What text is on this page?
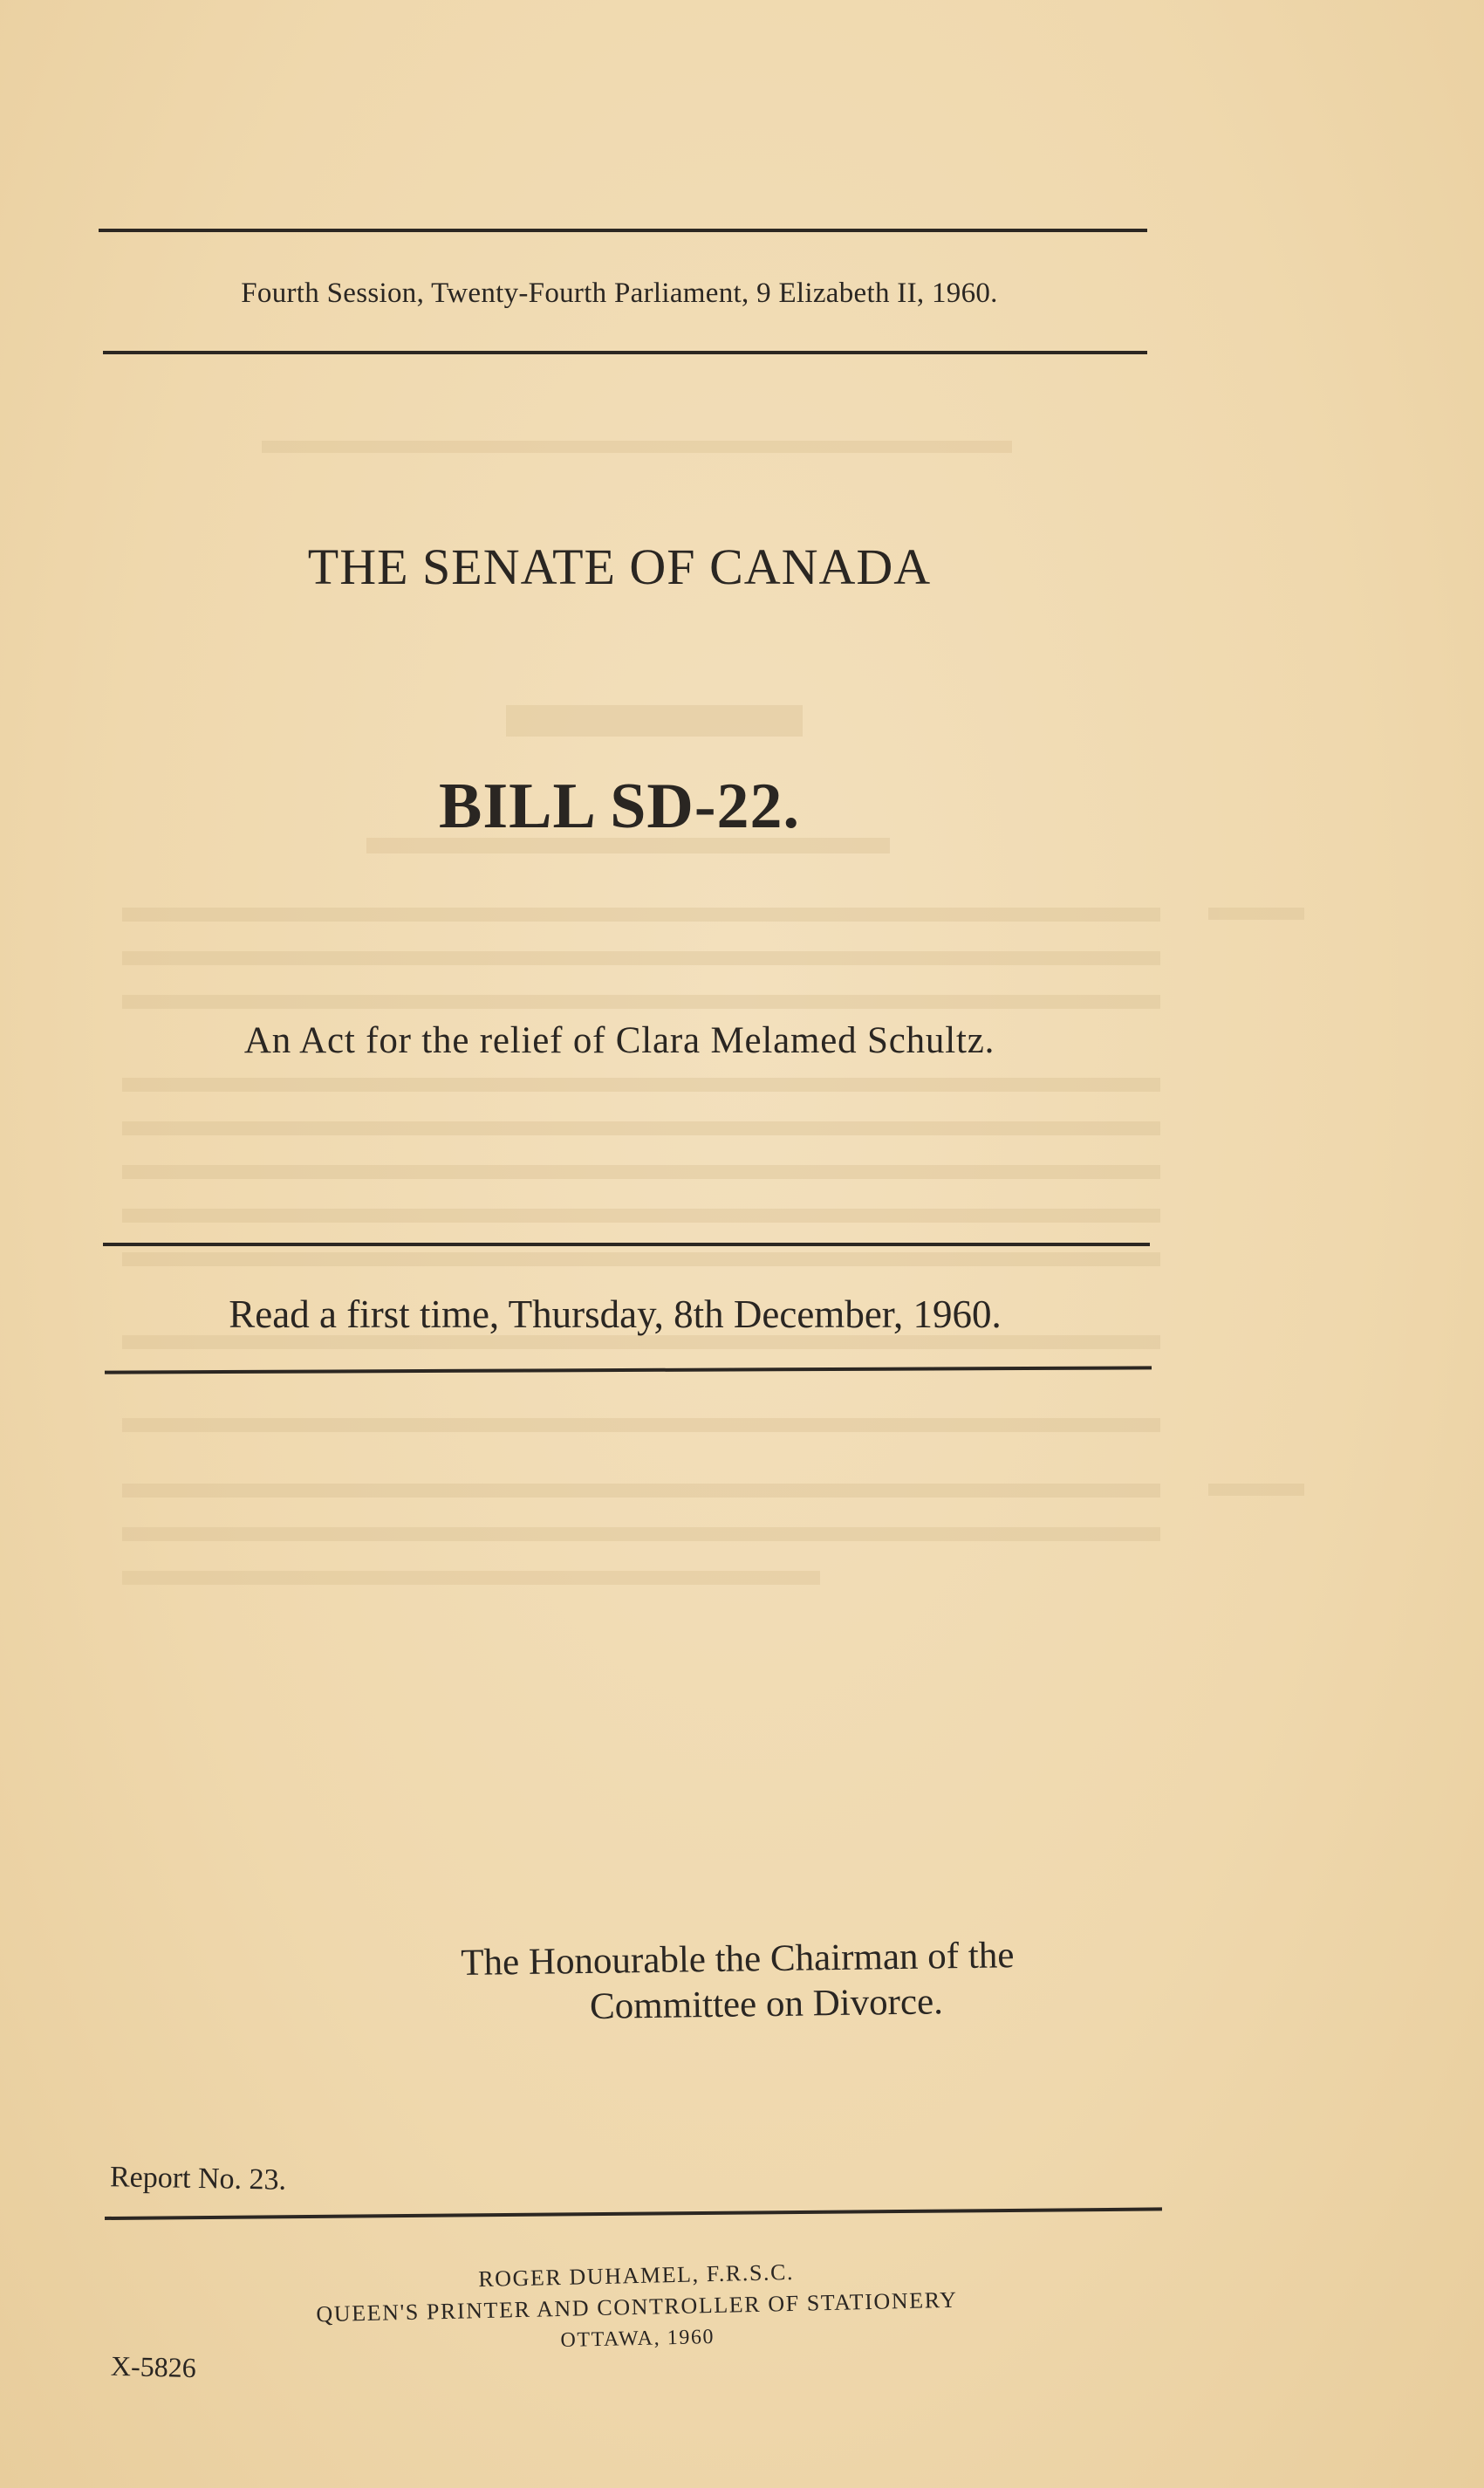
Fourth Session, Twenty-Fourth Parliament, 9 Elizabeth II, 1960.
THE SENATE OF CANADA
BILL SD-22.
An Act for the relief of Clara Melamed Schultz.
Read a first time, Thursday, 8th December, 1960.
The Honourable the Chairman of the
Committee on Divorce.
Report No. 23.
ROGER DUHAMEL, F.R.S.C.
QUEEN'S PRINTER AND CONTROLLER OF STATIONERY
OTTAWA, 1960
X-5826
